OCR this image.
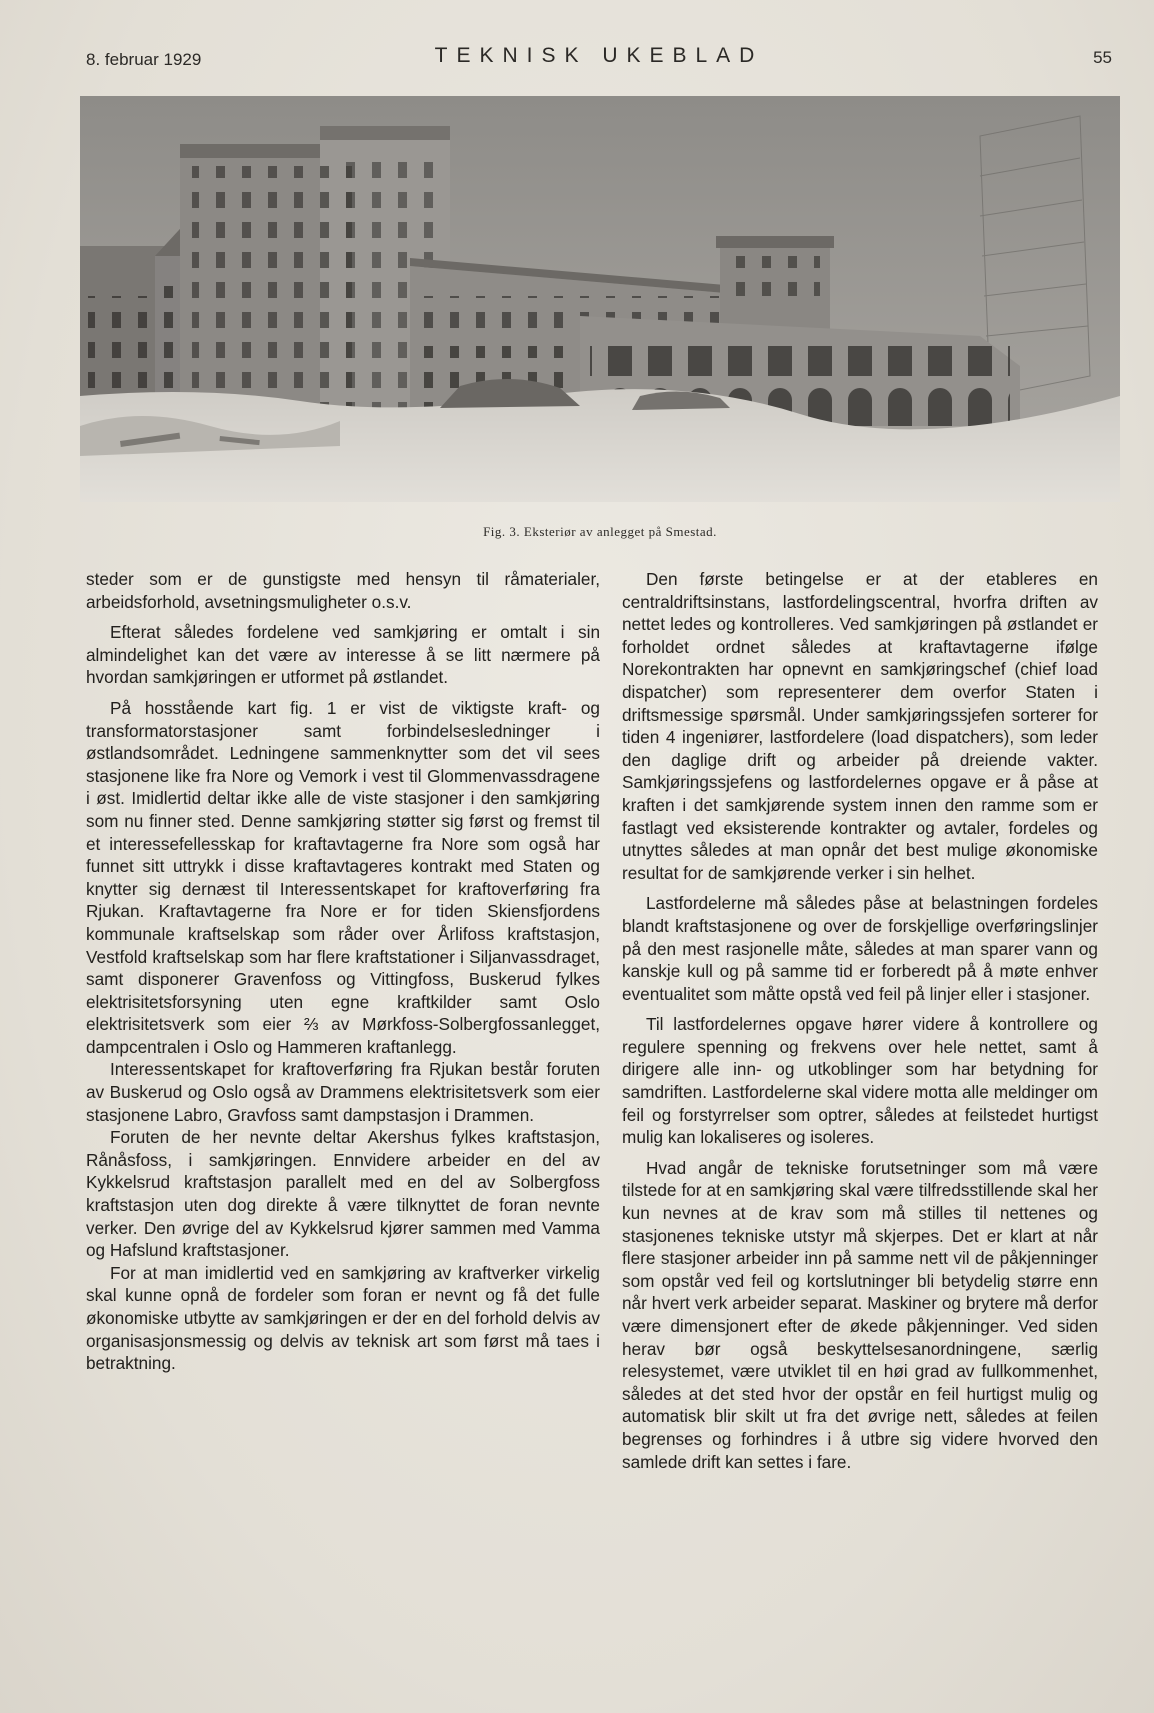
8. februar 1929	TEKNISK UKEBLAD	55
Fig. 3. Eksteriør av anlegget på Smestad.

steder som er de gunstigste med hensyn til råmaterialer, arbeidsforhold, avsetningsmuligheter o.s.v.

Efterat således fordelene ved samkjøring er omtalt i sin almindelighet kan det være av interesse å se litt nærmere på hvordan samkjøringen er utformet på østlandet.

På hosstående kart fig. 1 er vist de viktigste kraft- og transformatorstasjoner samt forbindelsesledninger i østlandsområdet. Ledningene sammenknytter som det vil sees stasjonene like fra Nore og Vemork i vest til Glommenvassdragene i øst. Imidlertid deltar ikke alle de viste stasjoner i den samkjøring som nu finner sted. Denne samkjøring støtter sig først og fremst til et interessefellesskap for kraftavtagerne fra Nore som også har funnet sitt uttrykk i disse kraftavtageres kontrakt med Staten og knytter sig dernæst til Interessentskapet for kraftoverføring fra Rjukan. Kraftavtagerne fra Nore er for tiden Skiensfjordens kommunale kraftselskap som råder over Årlifoss kraftstasjon, Vestfold kraftselskap som har flere kraftstationer i Siljanvassdraget, samt disponerer Gravenfoss og Vittingfoss, Buskerud fylkes elektrisitetsforsyning uten egne kraftkilder samt Oslo elektrisitetsverk som eier ⅔ av Mørkfoss-Solbergfossanlegget, dampcentralen i Oslo og Hammeren kraftanlegg.

Interessentskapet for kraftoverføring fra Rjukan består foruten av Buskerud og Oslo også av Drammens elektrisitetsverk som eier stasjonene Labro, Gravfoss samt dampstasjon i Drammen.

Foruten de her nevnte deltar Akershus fylkes kraftstasjon, Rånåsfoss, i samkjøringen. Ennvidere arbeider en del av Kykkelsrud kraftstasjon parallelt med en del av Solbergfoss kraftstasjon uten dog direkte å være tilknyttet de foran nevnte verker. Den øvrige del av Kykkelsrud kjører sammen med Vamma og Hafslund kraftstasjoner.

For at man imidlertid ved en samkjøring av kraftverker virkelig skal kunne opnå de fordeler som foran er nevnt og få det fulle økonomiske utbytte av samkjøringen er der en del forhold delvis av organisasjonsmessig og delvis av teknisk art som først må taes i betraktning.

Den første betingelse er at der etableres en centraldriftsinstans, lastfordelingscentral, hvorfra driften av nettet ledes og kontrolleres. Ved samkjøringen på østlandet er forholdet ordnet således at kraftavtagerne ifølge Norekontrakten har opnevnt en samkjøringschef (chief load dispatcher) som representerer dem overfor Staten i driftsmessige spørsmål. Under samkjøringssjefen sorterer for tiden 4 ingeniører, lastfordelere (load dispatchers), som leder den daglige drift og arbeider på dreiende vakter. Samkjøringssjefens og lastfordelernes opgave er å påse at kraften i det samkjørende system innen den ramme som er fastlagt ved eksisterende kontrakter og avtaler, fordeles og utnyttes således at man opnår det best mulige økonomiske resultat for de samkjørende verker i sin helhet.

Lastfordelerne må således påse at belastningen fordeles blandt kraftstasjonene og over de forskjellige overføringslinjer på den mest rasjonelle måte, således at man sparer vann og kanskje kull og på samme tid er forberedt på å møte enhver eventualitet som måtte opstå ved feil på linjer eller i stasjoner.

Til lastfordelernes opgave hører videre å kontrollere og regulere spenning og frekvens over hele nettet, samt å dirigere alle inn- og utkoblinger som har betydning for samdriften. Lastfordelerne skal videre motta alle meldinger om feil og forstyrrelser som optrer, således at feilstedet hurtigst mulig kan lokaliseres og isoleres.

Hvad angår de tekniske forutsetninger som må være tilstede for at en samkjøring skal være tilfredsstillende skal her kun nevnes at de krav som må stilles til nettenes og stasjonenes tekniske utstyr må skjerpes. Det er klart at når flere stasjoner arbeider inn på samme nett vil de påkjenninger som opstår ved feil og kortslutninger bli betydelig større enn når hvert verk arbeider separat. Maskiner og brytere må derfor være dimensjonert efter de økede påkjenninger. Ved siden herav bør også beskyttelsesanordningene, særlig relesystemet, være utviklet til en høi grad av fullkommenhet, således at det sted hvor der opstår en feil hurtigst mulig og automatisk blir skilt ut fra det øvrige nett, således at feilen begrenses og forhindres i å utbre sig videre hvorved den samlede drift kan settes i fare.
